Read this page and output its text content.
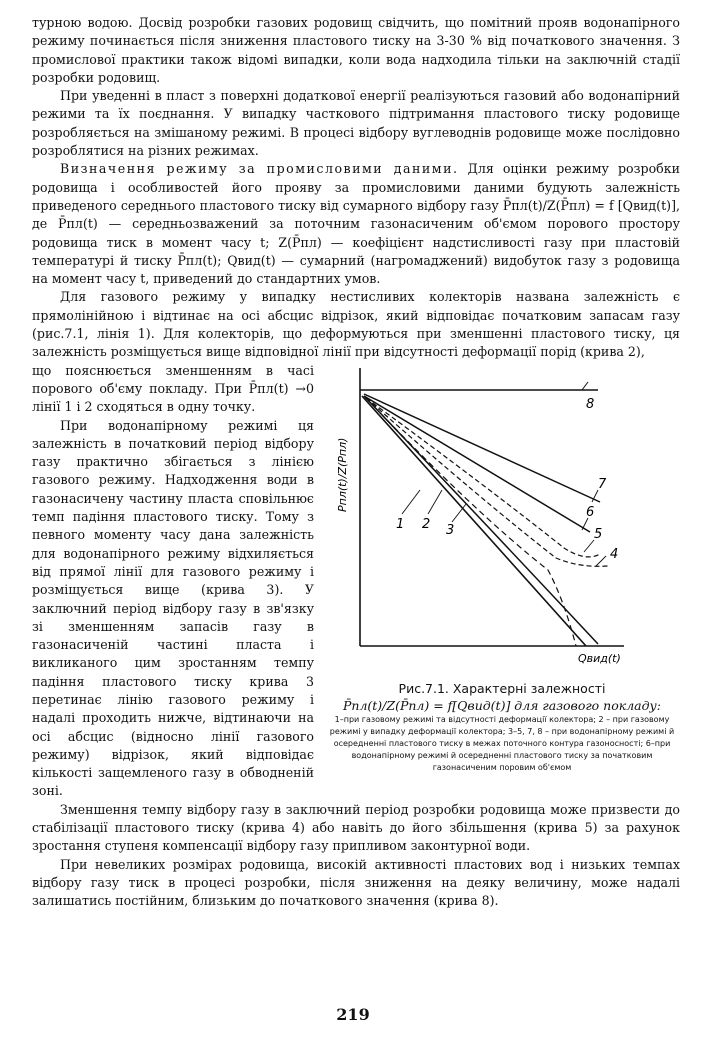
турною водою. Досвід розробки газових родовищ свідчить, що помітний прояв водонапірного режиму починається після зниження пластового тиску на 3-30 % від початкового значення. З промислової практики також відомі випадки, коли вода надходила тільки на заключній стадії розробки родовищ.

При уведенні в пласт з поверхні додаткової енергії реалізуються газовий або водонапірний режими та їх поєднання. У випадку часткового підтримання пластового тиску родовище розробляється на змішаному режимі. В процесі відбору вуглеводнів родовище може послідовно розроблятися на різних режимах.

Визначення режиму за промисловими даними. Для оцінки режиму розробки родовища і особливостей його прояву за промисловими даними будують залежність приведеного середнього пластового тиску від сумарного відбору газу P̄пл(t)/Z(P̄пл) = f [Qвид(t)], де P̄пл(t) — середньозважений за поточним газонасиченим об'ємом порового простору родовища тиск в момент часу t; Z(P̄пл) — коефіцієнт надстисливості газу при пластовій температурі й тиску P̄пл(t); Qвид(t) — сумарний (нагромаджений) видобуток газу з родовища на момент часу t, приведений до стандартних умов.

Для газового режиму у випадку нестисливих колекторів названа залежність є прямолінійною і відтинає на осі абсцис відрізок, який відповідає початковим запасам газу (рис.7.1, лінія 1). Для колекторів, що деформуються при зменшенні пластового тиску, ця залежність розміщується вище відповідної лінії при відсутності деформації порід (крива 2),

що пояснюється зменшенням в часі порового об'єму покладу. При P̄пл(t) →0 лінії 1 і 2 сходяться в одну точку.

При водонапірному режимі ця залежність в початковий період відбору газу практично збігається з лінією газового режиму. Надходження води в газонасичену частину пласта сповільнює темп падіння пластового тиску. Тому з певного моменту часу дана залежність для водонапірного режиму відхиляється від прямої лінії для газового режиму і розміщується вище (крива 3). У заключний період відбору газу в зв'язку зі зменшенням запасів газу в газонасиченій частині пласта і викликаного цим зростанням темпу падіння пластового тиску крива 3 перетинає лінію газового режиму і надалі проходить нижче, відтинаючи на осі абсцис (відносно лінії газового режиму) відрізок, який відповідає кількості защемленого газу в обводненій зоні.

Pпл(t)/Z(Pпл)
Qвид(t)
1 2 3
4
5
6
7
8
Рис.7.1. Характерні залежності
P̄пл(t)/Z(P̄пл) = f[Qвид(t)] для газового покладу:
1–при газовому режимі та відсутності деформації колектора; 2 – при газовому режимі у випадку деформації колектора; 3–5, 7, 8 – при водонапірному режимі й осередненні пластового тиску в межах поточного контура газоносності; 6–при водонапірному режимі й осередненні пластового тиску за початковим газонасиченим поровим об'ємом

Зменшення темпу відбору газу в заключний період розробки родовища може призвести до стабілізації пластового тиску (крива 4) або навіть до його збільшення (крива 5) за рахунок зростання ступеня компенсації відбору газу припливом законтурної води.

При невеликих розмірах родовища, високій активності пластових вод і низьких темпах відбору газу тиск в процесі розробки, після зниження на деяку величину, може надалі залишатись постійним, близьким до початкового значення (крива 8).

219
